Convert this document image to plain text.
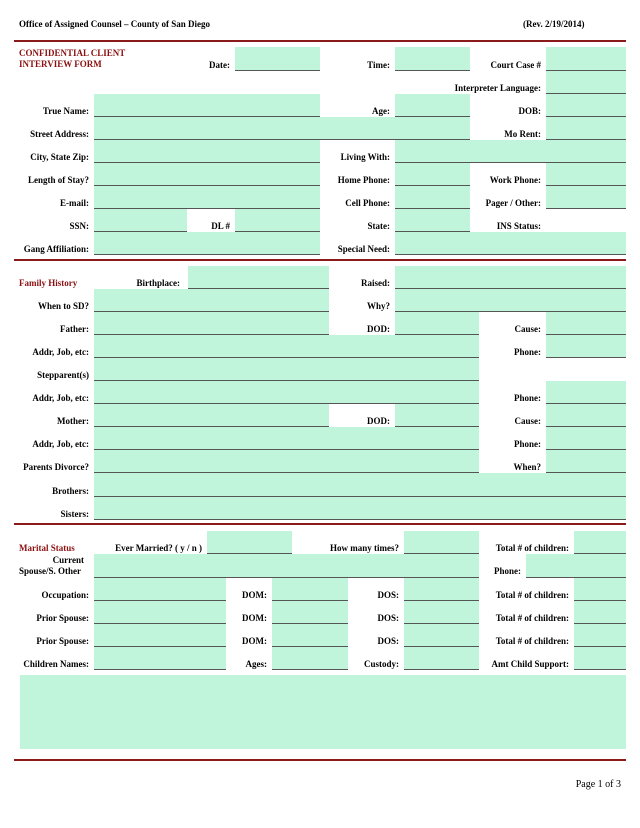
Office of Assigned Counsel – County of San Diego	(Rev. 2/19/2014)
CONFIDENTIAL CLIENT
INTERVIEW FORM	Date:	Time:	Court Case #
Interpreter Language:
True Name:	Age:	DOB:
Street Address:	Mo Rent:
City, State Zip:	Living With:
Length of Stay?	Home Phone:	Work Phone:
E-mail:	Cell Phone:	Pager / Other:
SSN:	DL #	State:	INS Status:
Gang Affiliation:	Special Need:
Family History	Birthplace:	Raised:
When to SD?	Why?
Father:	DOD:	Cause:
Addr, Job, etc:	Phone:
Stepparent(s)
Addr, Job, etc:	Phone:
Mother:	DOD:	Cause:
Addr, Job, etc:	Phone:
Parents Divorce?	When?
Brothers:
Sisters:
Marital Status	Ever Married? ( y / n )	How many times?	Total # of children:
Current
Spouse/S. Other	Phone:
Occupation:	DOM:	DOS:	Total # of children:
Prior Spouse:	DOM:	DOS:	Total # of children:
Prior Spouse:	DOM:	DOS:	Total # of children:
Children Names:	Ages:	Custody:	Amt Child Support:
Page 1 of 3
